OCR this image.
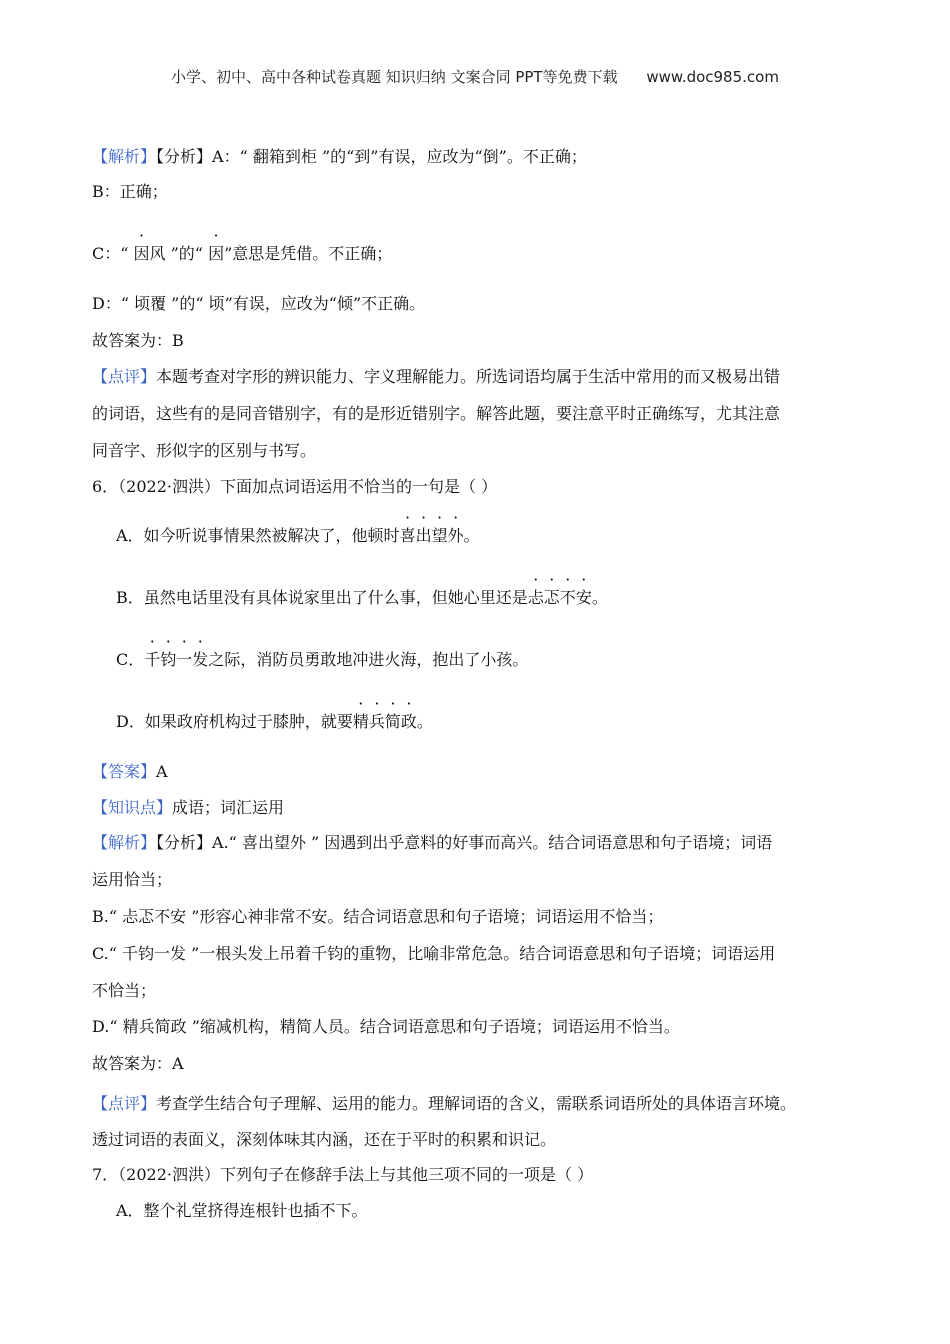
小学、初中、高中各种试卷真题 知识归纳 文案合同 PPT等免费下载 www.doc985.com
【解析】【分析】A：“ 翻箱到柜 ”的“到”有误，应改为“倒”。不正确；
B：正确；
C：“ 因风 ”的“ 因”意思是凭借。不正确；
D：“ 顷覆 ”的“ 顷”有误，应改为“倾”不正确。
故答案为：B
【点评】本题考查对字形的辨识能力、字义理解能力。所选词语均属于生活中常用的而又极易出错
的词语，这些有的是同音错别字，有的是形近错别字。解答此题，要注意平时正确练写，尤其注意
同音字、形似字的区别与书写。
6．（2022·泗洪）下面加点词语运用不恰当的一句是（ ）
A．如今听说事情果然被解决了，他顿时喜出望外。
B．虽然电话里没有具体说家里出了什么事，但她心里还是忐忑不安。
C．千钧一发之际，消防员勇敢地冲进火海，抱出了小孩。
D．如果政府机构过于膝肿，就要精兵简政。
【答案】A
【知识点】成语；词汇运用
【解析】【分析】A.“ 喜出望外 ” 因遇到出乎意料的好事而高兴。结合词语意思和句子语境；词语
运用恰当；
B.“ 忐忑不安 ”形容心神非常不安。结合词语意思和句子语境；词语运用不恰当；
C.“ 千钧一发 ”一根头发上吊着千钧的重物，比喻非常危急。结合词语意思和句子语境；词语运用
不恰当；
D.“ 精兵简政 ”缩减机构，精简人员。结合词语意思和句子语境；词语运用不恰当。
故答案为：A
【点评】考查学生结合句子理解、运用的能力。理解词语的含义，需联系词语所处的具体语言环境。
透过词语的表面义，深刻体味其内涵，还在于平时的积累和识记。
7．（2022·泗洪）下列句子在修辞手法上与其他三项不同的一项是（ ）
A．整个礼堂挤得连根针也插不下。
